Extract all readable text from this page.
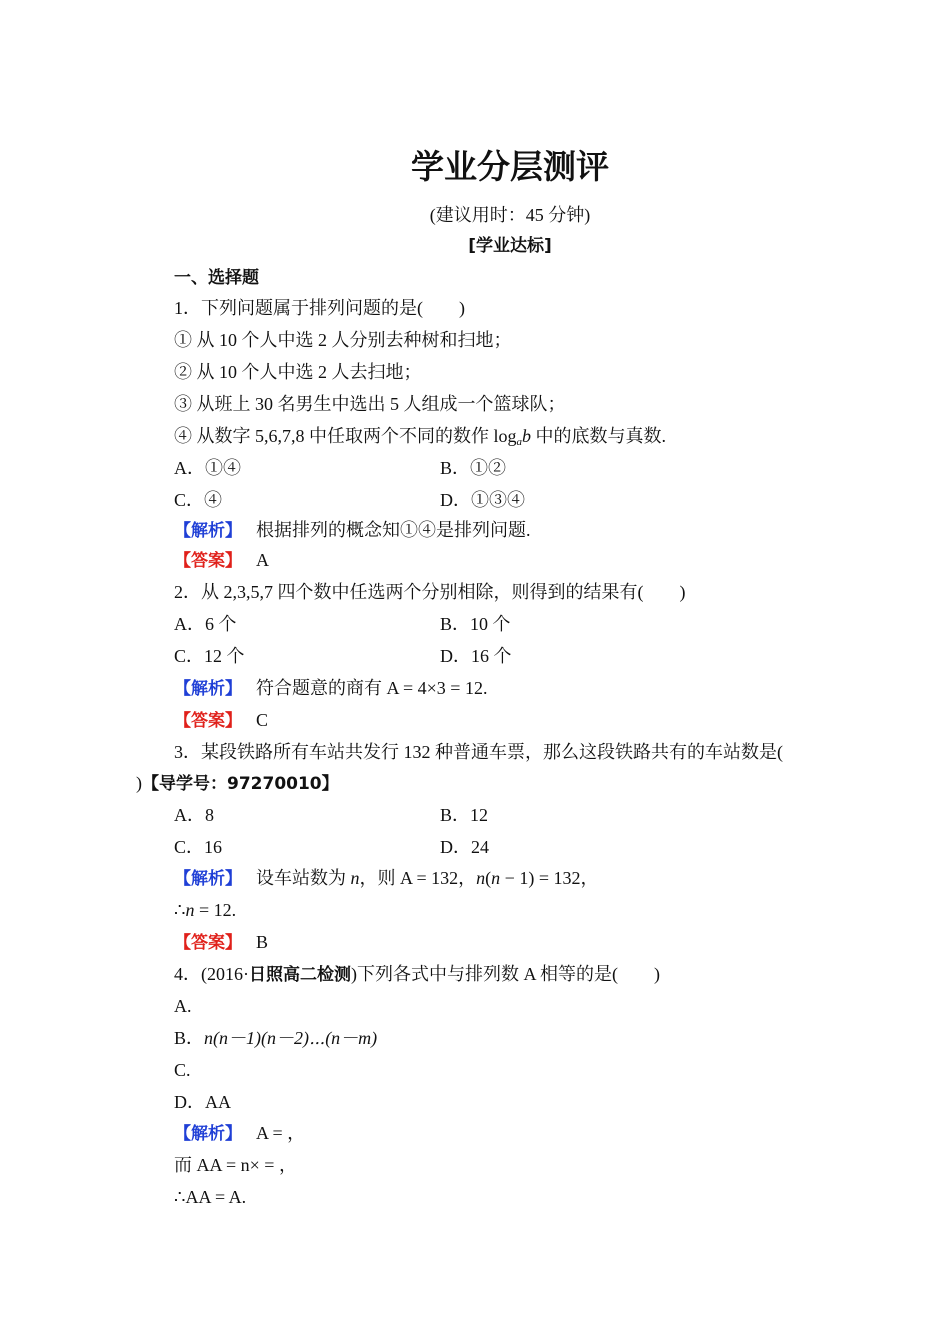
学业分层测评
(建议用时：45 分钟)
[学业达标]
一、选择题
1．下列问题属于排列问题的是(　　)
① 从 10 个人中选 2 人分别去种树和扫地；
② 从 10 个人中选 2 人去扫地；
③ 从班上 30 名男生中选出 5 人组成一个篮球队；
④ 从数字 5,6,7,8 中任取两个不同的数作 $\log_ab$ 中的底数与真数.
A．①④	B．①②
C．④	D．①③④
【解析】 根据排列的概念知①④是排列问题.
【答案】 A
2．从 2,3,5,7 四个数中任选两个分别相除，则得到的结果有(　　)
A．6 个	B．10 个
C．12 个	D．16 个
【解析】 符合题意的商有 A = 4×3 = 12.
【答案】 C
3．某段铁路所有车站共发行 132 种普通车票，那么这段铁路共有的车站数是(
)【导学号：97270010】
A．8	B．12
C．16	D．24
【解析】 设车站数为 n，则 A = 132，n(n − 1) = 132，
∴n = 12.
【答案】 B
4．(2016·日照高二检测)下列各式中与排列数 A 相等的是(　　)
A.
B．n(n－1)(n－2)⋯(n－m)
C.
D．AA
【解析】 A = ，
而 AA = n× = ，
∴AA = A.
